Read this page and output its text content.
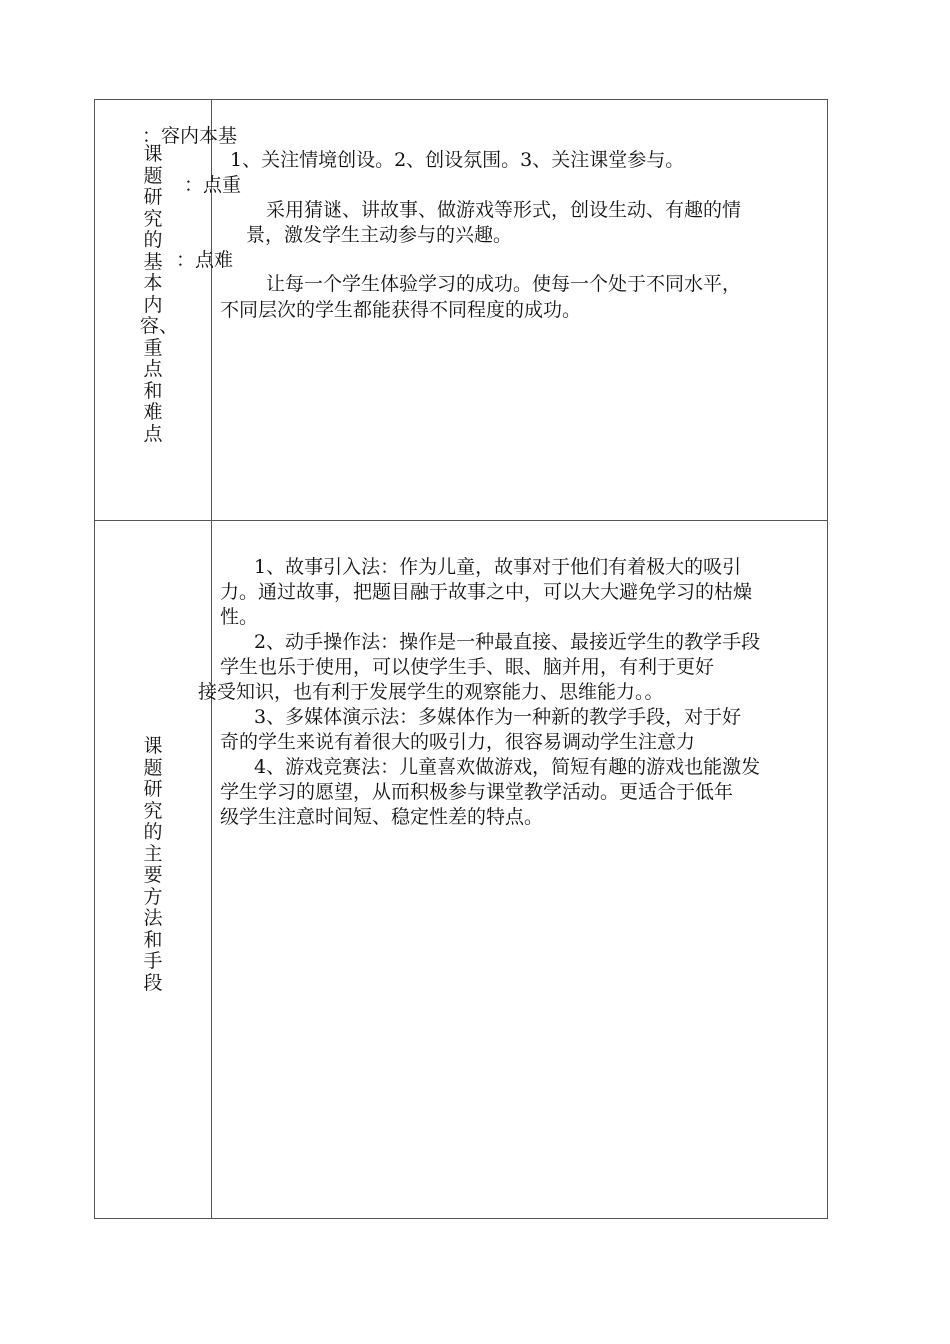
课题研究的基本内容、重点和难点
：容内本基
1、关注情境创设。2、创设氛围。3、关注课堂参与。
：点重
采用猜谜、讲故事、做游戏等形式，创设生动、有趣的情
景，激发学生主动参与的兴趣。
：点难
让每一个学生体验学习的成功。使每一个处于不同水平，
不同层次的学生都能获得不同程度的成功。
课题研究的主要方法和手段
1、故事引入法：作为儿童，故事对于他们有着极大的吸引
力。通过故事，把题目融于故事之中，可以大大避免学习的枯燥
性。
2、动手操作法：操作是一种最直接、最接近学生的教学手段
学生也乐于使用，可以使学生手、眼、脑并用，有利于更好
接受知识，也有利于发展学生的观察能力、思维能力。。
3、多媒体演示法：多媒体作为一种新的教学手段，对于好
奇的学生来说有着很大的吸引力，很容易调动学生注意力
4、游戏竞赛法：儿童喜欢做游戏，简短有趣的游戏也能激发
学生学习的愿望，从而积极参与课堂教学活动。更适合于低年
级学生注意时间短、稳定性差的特点。
